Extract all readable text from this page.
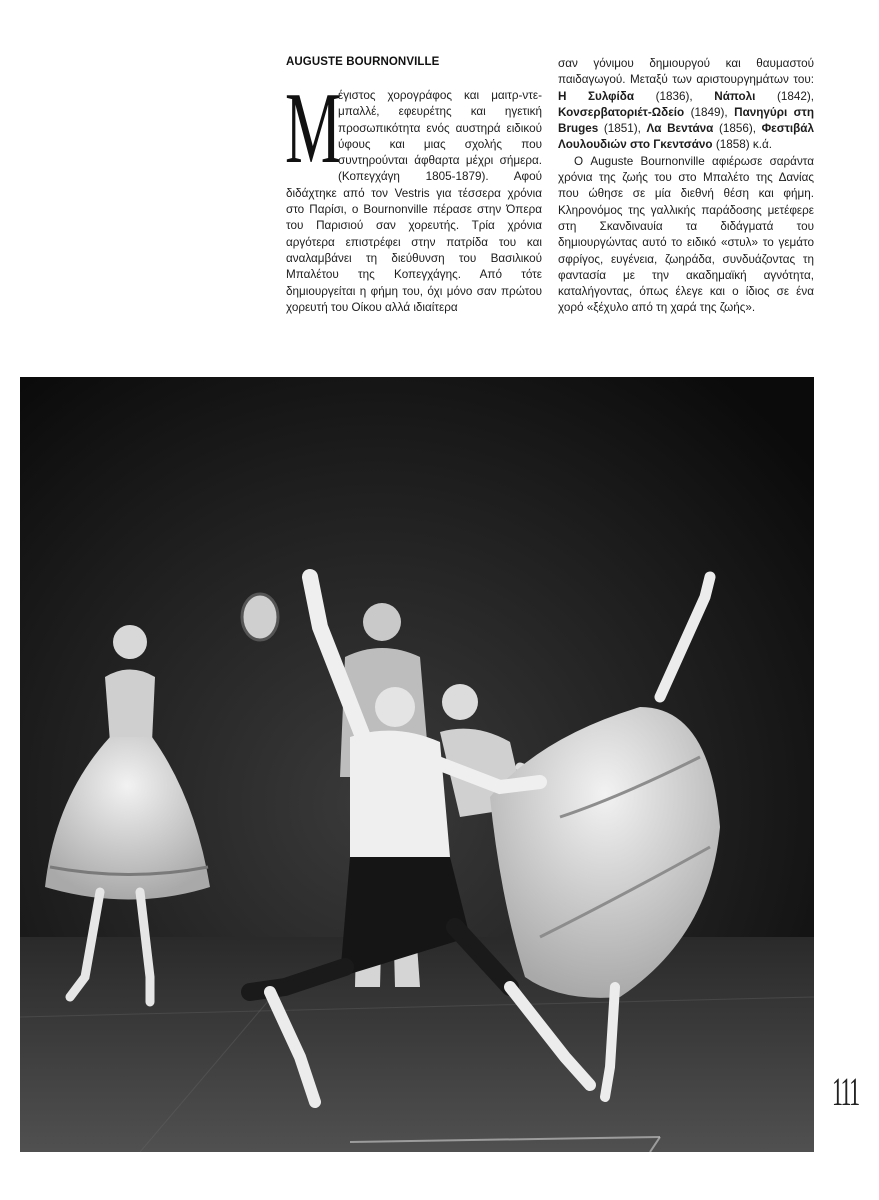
AUGUSTE BOURNONVILLE
Μ

έγιστος χορογράφος και μαιτρ-ντε-μπαλλέ, εφευρέτης και ηγετική προσωπικότητα ενός αυστηρά ειδικού ύφους και μιας σχολής που συντηρούνται άφθαρτα μέχρι σήμερα. (Κοπεγχάγη 1805-1879). Αφού διδάχτηκε από τον Vestris για τέσσερα χρόνια στο Παρίσι, ο Bournonville πέρασε στην Όπερα του Παρισιού σαν χορευτής. Τρία χρόνια αργότερα επιστρέφει στην πατρίδα του και αναλαμβάνει τη διεύθυνση του Βασιλικού Μπαλέτου της Κοπεγχάγης. Από τότε δημιουργείται η φήμη του, όχι μόνο σαν πρώτου χορευτή του Οίκου αλλά ιδιαίτερα

σαν γόνιμου δημιουργού και θαυμαστού παιδαγωγού. Μεταξύ των αριστουργημάτων του: Η Συλφίδα (1836), Νάπολι (1842), Κονσερβατοριέτ-Ωδείο (1849), Πανηγύρι στη Bruges (1851), Λα Βεντάνα (1856), Φεστιβάλ Λουλουδιών στο Γκεντσάνο (1858) κ.ά.

Ο Auguste Bournonville αφιέρωσε σαράντα χρόνια της ζωής του στο Μπαλέτο της Δανίας που ώθησε σε μία διεθνή θέση και φήμη. Κληρονόμος της γαλλικής παράδοσης μετέφερε στη Σκανδιναυία τα διδάγματά του δημιουργώντας αυτό το ειδικό «στυλ» το γεμάτο σφρίγος, ευγένεια, ζωηράδα, συνδυάζοντας τη φαντασία με την ακαδημαϊκή αγνότητα, καταλήγοντας, όπως έλεγε και ο ίδιος σε ένα χορό «ξέχυλο από τη χαρά της ζωής».

111
